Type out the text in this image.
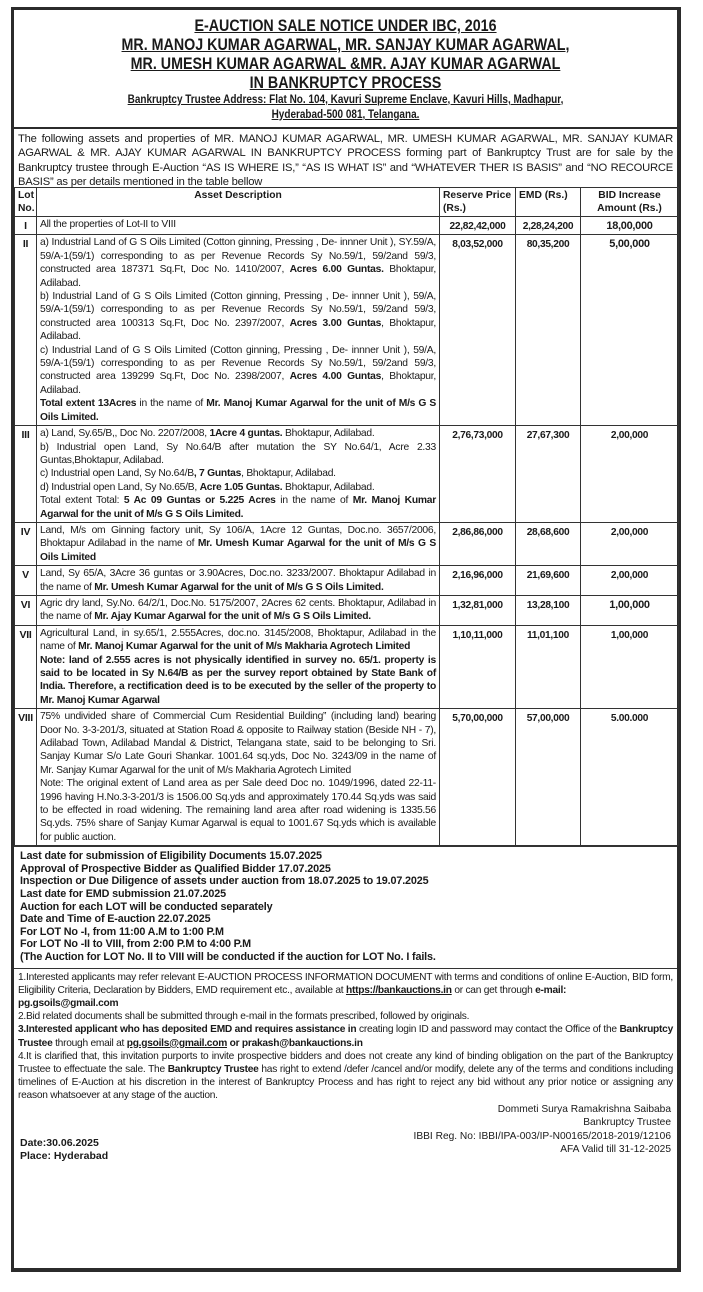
E-AUCTION SALE NOTICE UNDER IBC, 2016
MR. MANOJ KUMAR AGARWAL, MR. SANJAY KUMAR AGARWAL,
MR. UMESH KUMAR AGARWAL &MR. AJAY KUMAR AGARWAL
IN BANKRUPTCY PROCESS
Bankruptcy Trustee Address: Flat No. 104, Kavuri Supreme Enclave, Kavuri Hills, Madhapur,
Hyderabad-500 081, Telangana.
The following assets and properties of MR. MANOJ KUMAR AGARWAL, MR. UMESH KUMAR AGARWAL, MR. SANJAY KUMAR AGARWAL & MR. AJAY KUMAR AGARWAL IN BANKRUPTCY PROCESS forming part of Bankruptcy Trust are for sale by the Bankruptcy trustee through E-Auction “AS IS WHERE IS,” “AS IS WHAT IS” and “WHATEVER THER IS BASIS” and “NO RECOURCE BASIS” as per details mentioned in the table bellow
Lot No.	Asset Description	Reserve Price (Rs.)	EMD (Rs.)	BID Increase Amount (Rs.)
I	All the properties of Lot-II to VIII	22,82,42,000	2,28,24,200	18,00,000
II	a) Industrial Land of G S Oils Limited (Cotton ginning, Pressing , De- innner Unit ), SY.59/A, 59/A-1(59/1) corresponding to as per Revenue Records Sy No.59/1, 59/2and 59/3, constructed area 187371 Sq.Ft, Doc No. 1410/2007, Acres 6.00 Guntas. Bhoktapur, Adilabad.
b) Industrial Land of G S Oils Limited (Cotton ginning, Pressing , De- innner Unit ), 59/A, 59/A-1(59/1) corresponding to as per Revenue Records Sy No.59/1, 59/2and 59/3, constructed area 100313 Sq.Ft, Doc No. 2397/2007, Acres 3.00 Guntas, Bhoktapur, Adilabad.
c) Industrial Land of G S Oils Limited (Cotton ginning, Pressing , De- innner Unit ), 59/A, 59/A-1(59/1) corresponding to as per Revenue Records Sy No.59/1, 59/2and 59/3, constructed area 139299 Sq.Ft, Doc No. 2398/2007, Acres 4.00 Guntas, Bhoktapur, Adilabad.
Total extent 13Acres in the name of Mr. Manoj Kumar Agarwal for the unit of M/s G S Oils Limited.	8,03,52,000	80,35,200	5,00,000
III	a) Land, Sy.65/B,, Doc No. 2207/2008, 1Acre 4 guntas. Bhoktapur, Adilabad.
b) Industrial open Land, Sy No.64/B after mutation the SY No.64/1, Acre 2.33 Guntas,Bhoktapur, Adilabad.
c) Industrial open Land, Sy No.64/B, 7 Guntas, Bhoktapur, Adilabad.
d) Industrial open Land, Sy No.65/B, Acre 1.05 Guntas. Bhoktapur, Adilabad.
Total extent Total: 5 Ac 09 Guntas or 5.225 Acres in the name of Mr. Manoj Kumar Agarwal for the unit of M/s G S Oils Limited.	2,76,73,000	27,67,300	2,00,000
IV	Land, M/s om Ginning factory unit, Sy 106/A, 1Acre 12 Guntas, Doc.no. 3657/2006, Bhoktapur Adilabad in the name of Mr. Umesh Kumar Agarwal for the unit of M/s G S Oils Limited	2,86,86,000	28,68,600	2,00,000
V	Land, Sy 65/A, 3Acre 36 guntas or 3.90Acres, Doc.no. 3233/2007. Bhoktapur Adilabad in the name of Mr. Umesh Kumar Agarwal for the unit of M/s G S Oils Limited.	2,16,96,000	21,69,600	2,00,000
VI	Agric dry land, Sy.No. 64/2/1, Doc.No. 5175/2007, 2Acres 62 cents. Bhoktapur, Adilabad in the name of Mr. Ajay Kumar Agarwal for the unit of M/s G S Oils Limited.	1,32,81,000	13,28,100	1,00,000
VII	Agricultural Land, in sy.65/1, 2.555Acres, doc.no. 3145/2008, Bhoktapur, Adilabad in the name of Mr. Manoj Kumar Agarwal for the unit of M/s Makharia Agrotech Limited
Note: land of 2.555 acres is not physically identified in survey no. 65/1. property is said to be located in Sy N.64/B as per the survey report obtained by State Bank of India. Therefore, a rectification deed is to be executed by the seller of the property to Mr. Manoj Kumar Agarwal	1,10,11,000	11,01,100	1,00,000
VIII	75% undivided share of Commercial Cum Residential Building” (including land) bearing Door No. 3-3-201/3, situated at Station Road & opposite to Railway station (Beside NH - 7), Adilabad Town, Adilabad Mandal & District, Telangana state, said to be belonging to Sri. Sanjay Kumar S/o Late Gouri Shankar. 1001.64 sq.yds, Doc No. 3243/09 in the name of Mr. Sanjay Kumar Agarwal for the unit of M/s Makharia Agrotech Limited
Note: The original extent of Land area as per Sale deed Doc no. 1049/1996, dated 22-11-1996 having H.No.3-3-201/3 is 1506.00 Sq.yds and approximately 170.44 Sq.yds was said to be effected in road widening. The remaining land area after road widening is 1335.56 Sq.yds. 75% share of Sanjay Kumar Agarwal is equal to 1001.67 Sq.yds which is available for public auction.	5,70,00,000	57,00,000	5.00.000
Last date for submission of Eligibility Documents 15.07.2025
Approval of Prospective Bidder as Qualified Bidder 17.07.2025
Inspection or Due Diligence of assets under auction from 18.07.2025 to 19.07.2025
Last date for EMD submission 21.07.2025
Auction for each LOT will be conducted separately
Date and Time of E-auction 22.07.2025
For LOT No -I, from 11:00 A.M to 1:00 P.M
For LOT No -II to VIII, from 2:00 P.M to 4:00 P.M
(The Auction for LOT No. II to VIII will be conducted if the auction for LOT No. I fails.

1.Interested applicants may refer relevant E-AUCTION PROCESS INFORMATION DOCUMENT with terms and conditions of online E-Auction, BID form, Eligibility Criteria, Declaration by Bidders, EMD requirement etc., available at https://bankauctions.in or can get through e-mail:
pg.gsoils@gmail.com

2.Bid related documents shall be submitted through e-mail in the formats prescribed, followed by originals.

3.Interested applicant who has deposited EMD and requires assistance in creating login ID and password may contact the Office of the Bankruptcy Trustee through email at pg.gsoils@gmail.com or prakash@bankauctions.in

4.It is clarified that, this invitation purports to invite prospective bidders and does not create any kind of binding obligation on the part of the Bankruptcy Trustee to effectuate the sale. The Bankruptcy Trustee has right to extend /defer /cancel and/or modify, delete any of the terms and conditions including timelines of E-Auction at his discretion in the interest of Bankruptcy Process and has right to reject any bid without any prior notice or assigning any reason whatsoever at any stage of the auction.

Date:30.06.2025
Place: Hyderabad
Dommeti Surya Ramakrishna Saibaba
Bankruptcy Trustee
IBBI Reg. No: IBBI/IPA-003/IP-N00165/2018-2019/12106
AFA Valid till 31-12-2025
